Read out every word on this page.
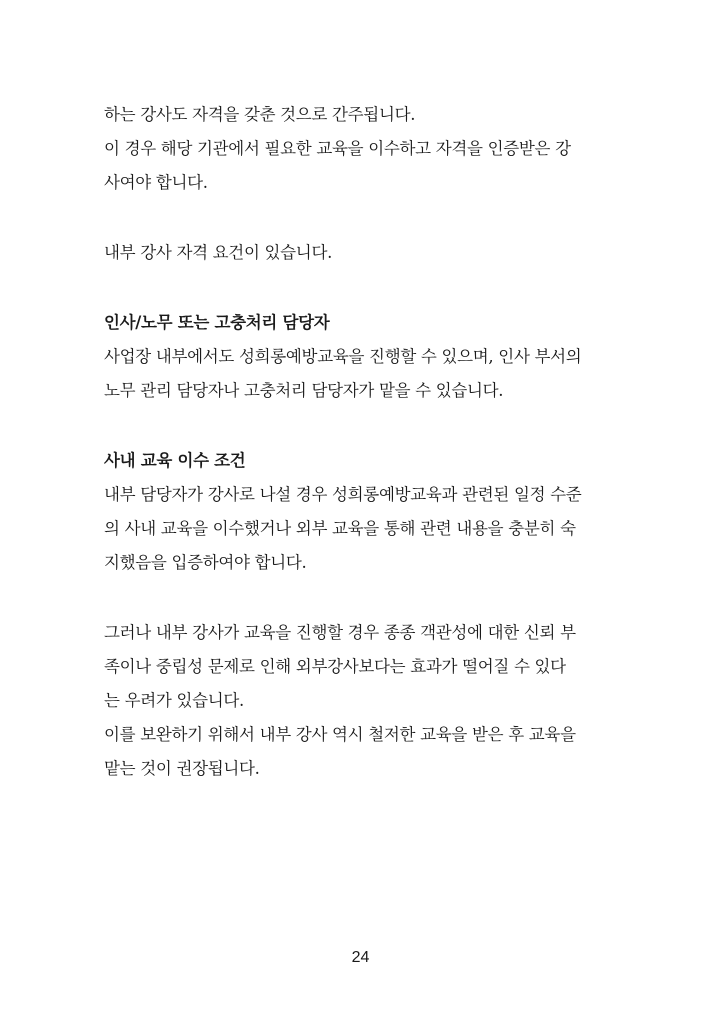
하는 강사도 자격을 갖춘 것으로 간주됩니다.
이 경우 해당 기관에서 필요한 교육을 이수하고 자격을 인증받은 강
사여야 합니다.
내부 강사 자격 요건이 있습니다.
인사/노무 또는 고충처리 담당자
사업장 내부에서도 성희롱예방교육을 진행할 수 있으며, 인사 부서의
노무 관리 담당자나 고충처리 담당자가 맡을 수 있습니다.
사내 교육 이수 조건
내부 담당자가 강사로 나설 경우 성희롱예방교육과 관련된 일정 수준
의 사내 교육을 이수했거나 외부 교육을 통해 관련 내용을 충분히 숙
지했음을 입증하여야 합니다.
그러나 내부 강사가 교육을 진행할 경우 종종 객관성에 대한 신뢰 부
족이나 중립성 문제로 인해 외부강사보다는 효과가 떨어질 수 있다
는 우려가 있습니다.
이를 보완하기 위해서 내부 강사 역시 철저한 교육을 받은 후 교육을
맡는 것이 권장됩니다.
24
